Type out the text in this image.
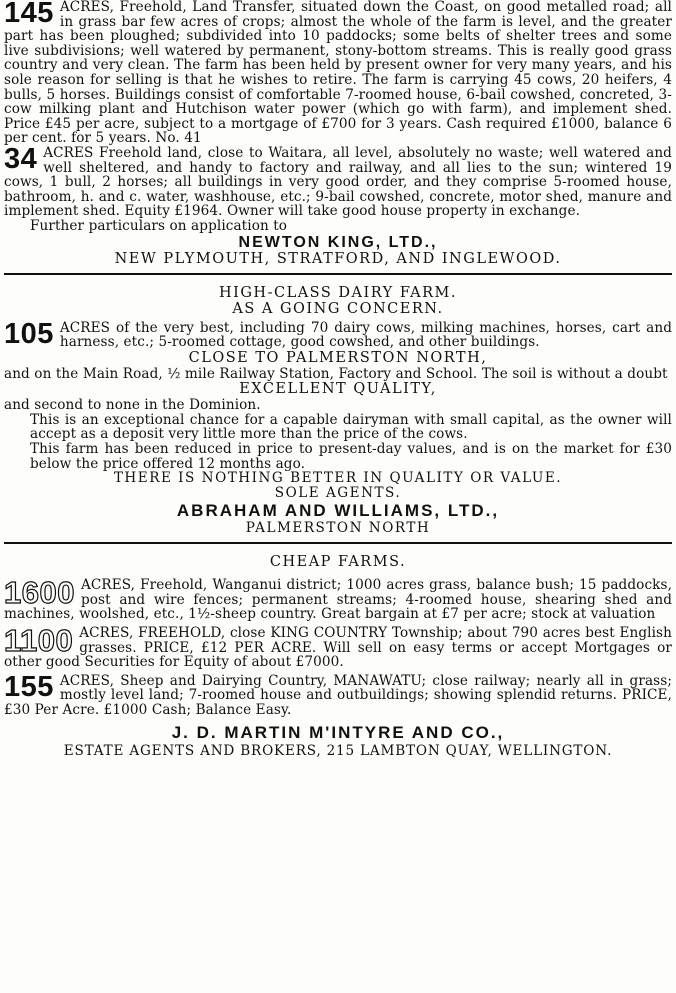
145 ACRES, Freehold, Land Transfer, situated down the Coast, on good metalled road; all in grass bar few acres of crops; almost the whole of the farm is level, and the greater part has been ploughed; subdivided into 10 paddocks; some belts of shelter trees and some live subdivisions; well watered by permanent, stony-bottom streams. This is really good grass country and very clean. The farm has been held by present owner for very many years, and his sole reason for selling is that he wishes to retire. The farm is carrying 45 cows, 20 heifers, 4 bulls, 5 horses. Buildings consist of comfortable 7-roomed house, 6-bail cowshed, concreted, 3-cow milking plant and Hutchison water power (which go with farm), and implement shed. Price £45 per acre, subject to a mortgage of £700 for 3 years. Cash required £1000, balance 6 per cent. for 5 years. No. 41

34 ACRES Freehold land, close to Waitara, all level, absolutely no waste; well watered and well sheltered, and handy to factory and railway, and all lies to the sun; wintered 19 cows, 1 bull, 2 horses; all buildings in very good order, and they comprise 5-roomed house, bathroom, h. and c. water, washhouse, etc.; 9-bail cowshed, concrete, motor shed, manure and implement shed. Equity £1964. Owner will take good house property in exchange.

Further particulars on application to

NEWTON KING, LTD.,

NEW PLYMOUTH, STRATFORD, AND INGLEWOOD.

HIGH-CLASS DAIRY FARM.

AS A GOING CONCERN.

105 ACRES of the very best, including 70 dairy cows, milking machines, horses, cart and harness, etc.; 5-roomed cottage, good cowshed, and other buildings.

CLOSE TO PALMERSTON NORTH,

and on the Main Road, ½ mile Railway Station, Factory and School. The soil is without a doubt

EXCELLENT QUALITY,

and second to none in the Dominion.

This is an exceptional chance for a capable dairyman with small capital, as the owner will accept as a deposit very little more than the price of the cows.

This farm has been reduced in price to present-day values, and is on the market for £30 below the price offered 12 months ago.

THERE IS NOTHING BETTER IN QUALITY OR VALUE.

SOLE AGENTS.

ABRAHAM AND WILLIAMS, LTD.,

PALMERSTON NORTH

CHEAP FARMS.

1600 ACRES, Freehold, Wanganui district; 1000 acres grass, balance bush; 15 paddocks, post and wire fences; permanent streams; 4-roomed house, shearing shed and machines, woolshed, etc., 1½-sheep country. Great bargain at £7 per acre; stock at valuation

1100 ACRES, FREEHOLD, close KING COUNTRY Township; about 790 acres best English grasses. PRICE, £12 PER ACRE. Will sell on easy terms or accept Mortgages or other good Securities for Equity of about £7000.

155 ACRES, Sheep and Dairying Country, MANAWATU; close railway; nearly all in grass; mostly level land; 7-roomed house and outbuildings; showing splendid returns. PRICE, £30 Per Acre. £1000 Cash; Balance Easy.

J. D. MARTIN M'INTYRE AND CO.,

ESTATE AGENTS AND BROKERS, 215 LAMBTON QUAY, WELLINGTON.
